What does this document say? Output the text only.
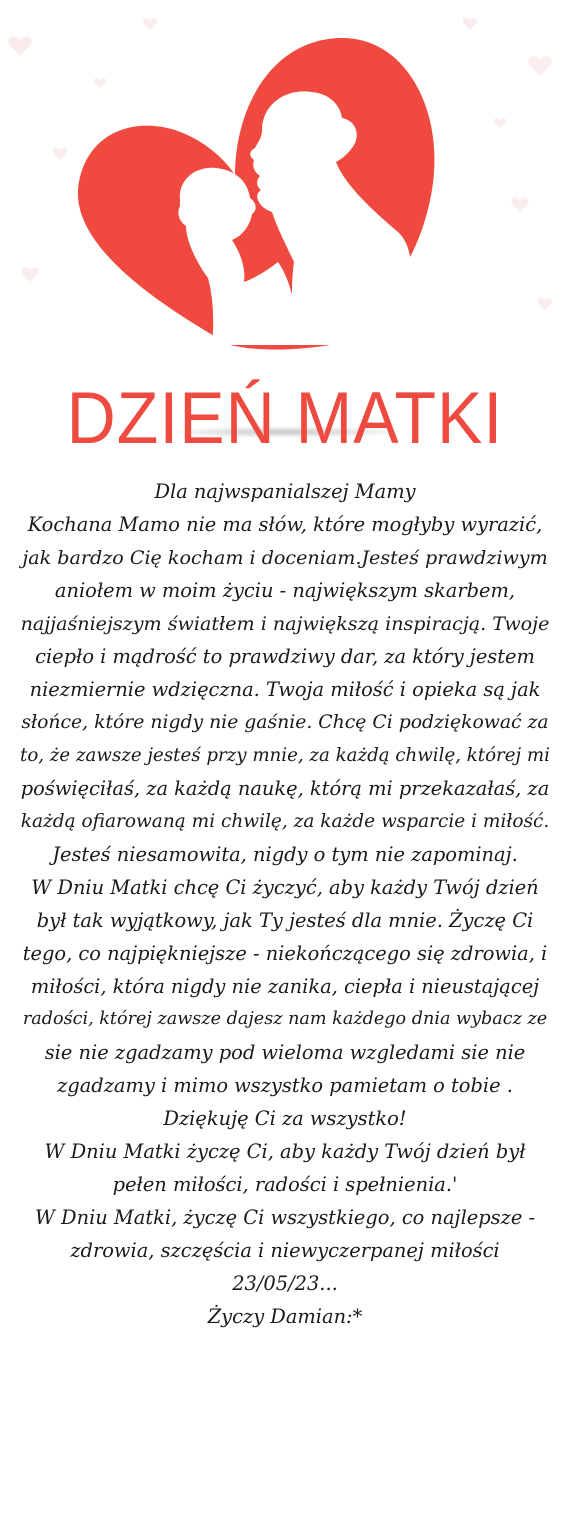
DZIEŃ MATKI
Dla najwspanialszej Mamy
Kochana Mamo nie ma słów, które mogłyby wyrazić,
jak bardzo Cię kocham i doceniam.Jesteś prawdziwym
aniołem w moim życiu - największym skarbem,
najjaśniejszym światłem i największą inspiracją. Twoje
ciepło i mądrość to prawdziwy dar, za który jestem
niezmiernie wdzięczna. Twoja miłość i opieka są jak
słońce, które nigdy nie gaśnie. Chcę Ci podziękować za
to, że zawsze jesteś przy mnie, za każdą chwilę, której mi
poświęciłaś, za każdą naukę, którą mi przekazałaś, za
każdą ofiarowaną mi chwilę, za każde wsparcie i miłość.
Jesteś niesamowita, nigdy o tym nie zapominaj.
W Dniu Matki chcę Ci życzyć, aby każdy Twój dzień
był tak wyjątkowy, jak Ty jesteś dla mnie. Życzę Ci
tego, co najpiękniejsze - niekończącego się zdrowia, i
miłości, która nigdy nie zanika, ciepła i nieustającej
radości, której zawsze dajesz nam każdego dnia wybacz ze
sie nie zgadzamy pod wieloma wzgledami sie nie
zgadzamy i mimo wszystko pamietam o tobie .
Dziękuję Ci za wszystko!
W Dniu Matki życzę Ci, aby każdy Twój dzień był
pełen miłości, radości i spełnienia.'
W Dniu Matki, życzę Ci wszystkiego, co najlepsze -
zdrowia, szczęścia i niewyczerpanej miłości
23/05/23...
Życzy Damian:*
